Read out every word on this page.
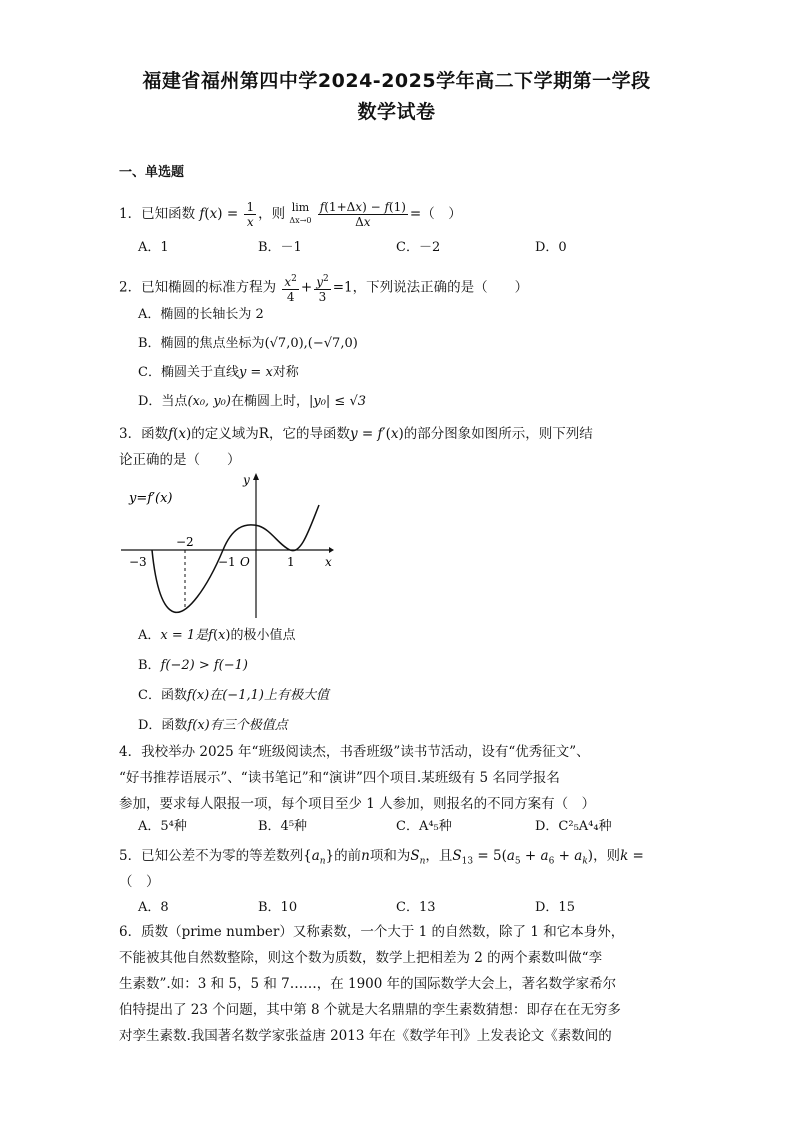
福建省福州第四中学2024-2025学年高二下学期第一学段
数学试卷
一、单选题
1．已知函数 $f(x) = \frac{1}{x}$ ，则 lim
$\Delta x\to 0 \frac{f(1+\Delta x) - f(1)}{\Delta x}$ =（　）
A．1	B．－1	C．－2	D．0
2．已知椭圆的标准方程为 $\frac{x^2}{4} + \frac{y^2}{3} =1$，下列说法正确的是（　　）
A．椭圆的长轴长为 2
B．椭圆的焦点坐标为(√7,0),(−√7,0)
C．椭圆关于直线y = x对称
D．当点(x₀, y₀)在椭圆上时，|y₀| ≤ √3
3．函数f(x)的定义域为R，它的导函数y = f′(x)的部分图象如图所示，则下列结
论正确的是（　　）
y=f′(x)
y
x
O
−3
−2
−1	1
A．x = 1是f(x)的极小值点
B．f(−2) > f(−1)
C．函数f(x)在(−1,1)上有极大值
D．函数f(x)有三个极值点
4．我校举办 2025 年“班级阅读杰，书香班级”读书节活动，设有“优秀征文”、
“好书推荐语展示”、“读书笔记”和“演讲”四个项目.某班级有 5 名同学报名
参加，要求每人限报一项，每个项目至少 1 人参加，则报名的不同方案有（　）
A．5⁴种	B．4⁵种	C．A⁴₅种	D．C²₅A⁴₄种
5．已知公差不为零的等差数列$\{a_n\}$的前n项和为$S_n$，且$S_{13} = 5(a_5 + a_6 + a_k)$，则k =
（　）
A．8	B．10	C．13	D．15
6．质数（prime number）又称素数，一个大于 1 的自然数，除了 1 和它本身外，
不能被其他自然数整除，则这个数为质数，数学上把相差为 2 的两个素数叫做“孪
生素数”.如：3 和 5，5 和 7……，在 1900 年的国际数学大会上，著名数学家希尔
伯特提出了 23 个问题，其中第 8 个就是大名鼎鼎的孪生素数猜想：即存在在无穷多
对孪生素数.我国著名数学家张益唐 2013 年在《数学年刊》上发表论文《素数间的
